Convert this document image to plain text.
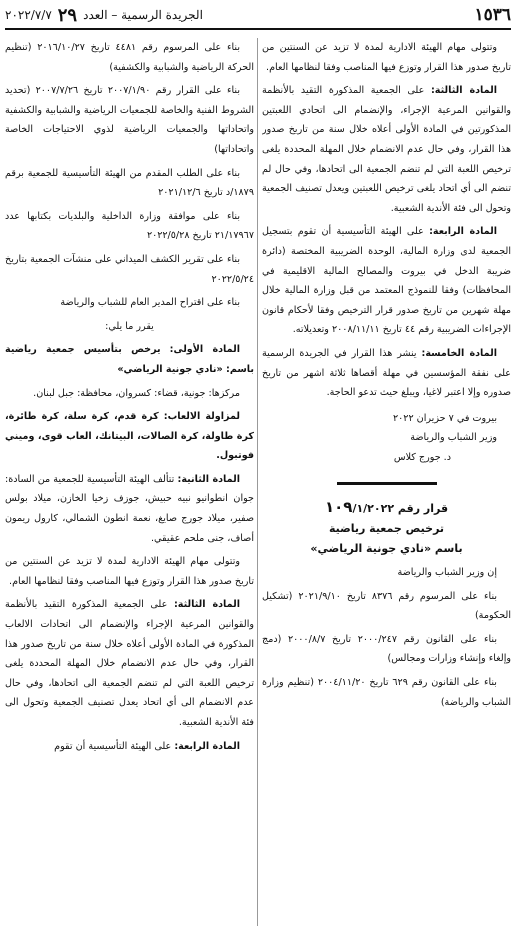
١٥٣٦
الجريدة الرسمية – العدد
٢٩
٢٠٢٢/٧/٧

وتتولى مهام الهيئة الادارية لمدة لا تزيد عن السنتين من تاريخ صدور هذا القرار وتوزع فيها المناصب وفقا لنظامها العام.

المادة الثالثة: على الجمعية المذكورة التقيد بالأنظمة والقوانين المرعية الإجراء، والإنضمام الى اتحادي اللعبتين المذكورتين في المادة الأولى أعلاه خلال سنة من تاريخ صدور هذا القرار، وفي حال عدم الانضمام خلال المهلة المحددة يلغى ترخيص اللعبة التي لم تنضم الجمعية الى اتحادها، وفي حال لم تنضم الى أي اتحاد يلغى ترخيص اللعبتين ويعدل تصنيف الجمعية وتحول الى فئة الأندية الشعبية.

المادة الرابعة: على الهيئة التأسيسية أن تقوم بتسجيل الجمعية لدى وزارة المالية، الوحدة الضريبية المختصة (دائرة ضريبة الدخل في بيروت والمصالح المالية الاقليمية في المحافظات) وفقا للنموذج المعتمد من قبل وزارة المالية خلال مهلة شهرين من تاريخ صدور قرار الترخيص وفقا لأحكام قانون الإجراءات الضريبية رقم ٤٤ تاريخ ٢٠٠٨/١١/١١ وتعديلاته.

المادة الخامسة: ينشر هذا القرار في الجريدة الرسمية على نفقة المؤسسين في مهلة أقصاها ثلاثة اشهر من تاريخ صدوره وإلا اعتبر لاغيا، ويبلغ حيث تدعو الحاجة.

بيروت في ٧ حزيران ٢٠٢٢

وزير الشباب والرياضة

د. جورج كلاس

قرار رقم ١٠٩/١/٢٠٢٢
ترخيص جمعية رياضية
باسم «نادي جونية الرياضي»

إن وزير الشباب والرياضة

بناء على المرسوم رقم ٨٣٧٦ تاريخ ٢٠٢١/٩/١٠ (تشكيل الحكومة)

بناء على القانون رقم ٢٠٠٠/٢٤٧ تاريخ ٢٠٠٠/٨/٧ (دمج وإلغاء وإنشاء وزارات ومجالس)

بناء على القانون رقم ٦٢٩ تاريخ ٢٠٠٤/١١/٢٠ (تنظيم وزارة الشباب والرياضة)

بناء على المرسوم رقم ٤٤٨١ تاريخ ٢٠١٦/١٠/٢٧ (تنظيم الحركة الرياضية والشبابية والكشفية)

بناء على القرار رقم ٢٠٠٧/١/٩٠ تاريخ ٢٠٠٧/٧/٢٦ (تحديد الشروط الفنية والخاصة للجمعيات الرياضية والشبابية والكشفية واتحاداتها والجمعيات الرياضية لذوي الاحتياجات الخاصة واتحاداتها)

بناء على الطلب المقدم من الهيئة التأسيسية للجمعية برقم ١٨٧٩/د تاريخ ٢٠٢١/١٢/٦

بناء على موافقة وزارة الداخلية والبلديات بكتابها عدد ٢١/١٧٩٦٧ تاريخ ٢٠٢٢/٥/٢٨

بناء على تقرير الكشف الميداني على منشآت الجمعية بتاريخ ٢٠٢٢/٥/٢٤

بناء على اقتراح المدير العام للشباب والرياضة

يقرر ما يلي:

المادة الأولى: يرخص بتأسيس جمعية رياضية باسم: «نادي جونية الرياضي»

مركزها: جونية، قضاء: كسروان، محافظة: جبل لبنان.

لمزاولة الالعاب: كرة قدم، كرة سلة، كرة طائرة، كرة طاولة، كرة الصالات، البيتانك، العاب قوى، وميني فوتبول.

المادة الثانية: تتألف الهيئة التأسيسية للجمعية من السادة: جوان انطوانيو نبيه حبيش، جوزف زخيا الخازن، ميلاد بولس صفير، ميلاد جورج صايغ، نعمة انطون الشمالي، كارول ريمون أصاف، جنى ملحم عقيقي.

وتتولى مهام الهيئة الادارية لمدة لا تزيد عن السنتين من تاريخ صدور هذا القرار وتوزع فيها المناصب وفقا لنظامها العام.

المادة الثالثة: على الجمعية المذكورة التقيد بالأنظمة والقوانين المرعية الإجراء والإنضمام الى اتحادات الالعاب المذكورة في المادة الأولى أعلاه خلال سنة من تاريخ صدور هذا القرار، وفي حال عدم الانضمام خلال المهلة المحددة يلغى ترخيص اللعبة التي لم تنضم الجمعية الى اتحادها، وفي حال عدم الانضمام الى أي اتحاد يعدل تصنيف الجمعية وتحول الى فئة الأندية الشعبية.

المادة الرابعة: على الهيئة التأسيسية أن تقوم
